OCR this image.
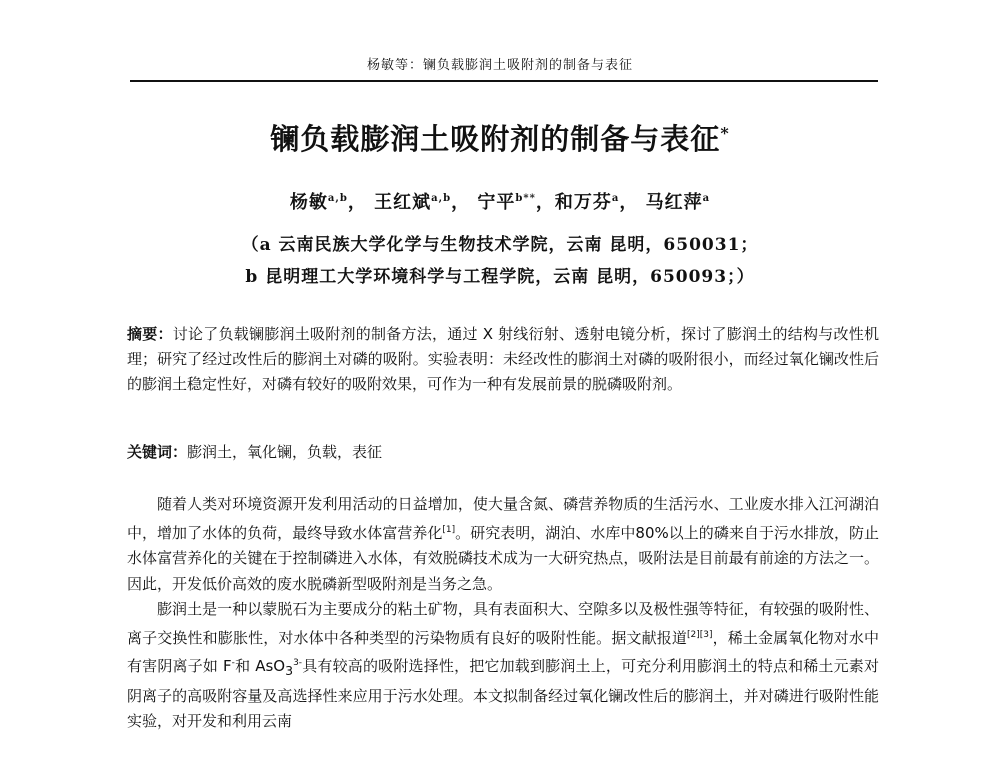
杨敏等：镧负载膨润土吸附剂的制备与表征
镧负载膨润土吸附剂的制备与表征*
杨敏$^{a,b}$， 王红斌$^{a,b}$， 宁平$^{b**}$，和万芬$^a$， 马红萍$^a$
（a 云南民族大学化学与生物技术学院，云南 昆明，650031；
b 昆明理工大学环境科学与工程学院，云南 昆明，650093；）
摘要：讨论了负载镧膨润土吸附剂的制备方法，通过 X 射线衍射、透射电镜分析，探讨了膨润土的结构与改性机理；研究了经过改性后的膨润土对磷的吸附。实验表明：未经改性的膨润土对磷的吸附很小，而经过氧化镧改性后的膨润土稳定性好，对磷有较好的吸附效果，可作为一种有发展前景的脱磷吸附剂。
关键词：膨润土，氧化镧，负载，表征

随着人类对环境资源开发利用活动的日益增加，使大量含氮、磷营养物质的生活污水、工业废水排入江河湖泊中，增加了水体的负荷，最终导致水体富营养化[1]。研究表明，湖泊、水库中80%以上的磷来自于污水排放，防止水体富营养化的关键在于控制磷进入水体，有效脱磷技术成为一大研究热点，吸附法是目前最有前途的方法之一。因此，开发低价高效的废水脱磷新型吸附剂是当务之急。

膨润土是一种以蒙脱石为主要成分的粘土矿物，具有表面积大、空隙多以及极性强等特征，有较强的吸附性、离子交换性和膨胀性，对水体中各种类型的污染物质有良好的吸附性能。据文献报道[2][3]，稀土金属氧化物对水中有害阴离子如 F-和 AsO$_3^{3-}$具有较高的吸附选择性，把它加载到膨润土上，可充分利用膨润土的特点和稀土元素对阴离子的高吸附容量及高选择性来应用于污水处理。本文拟制备经过氧化镧改性后的膨润土，并对磷进行吸附性能实验，对开发和利用云南
